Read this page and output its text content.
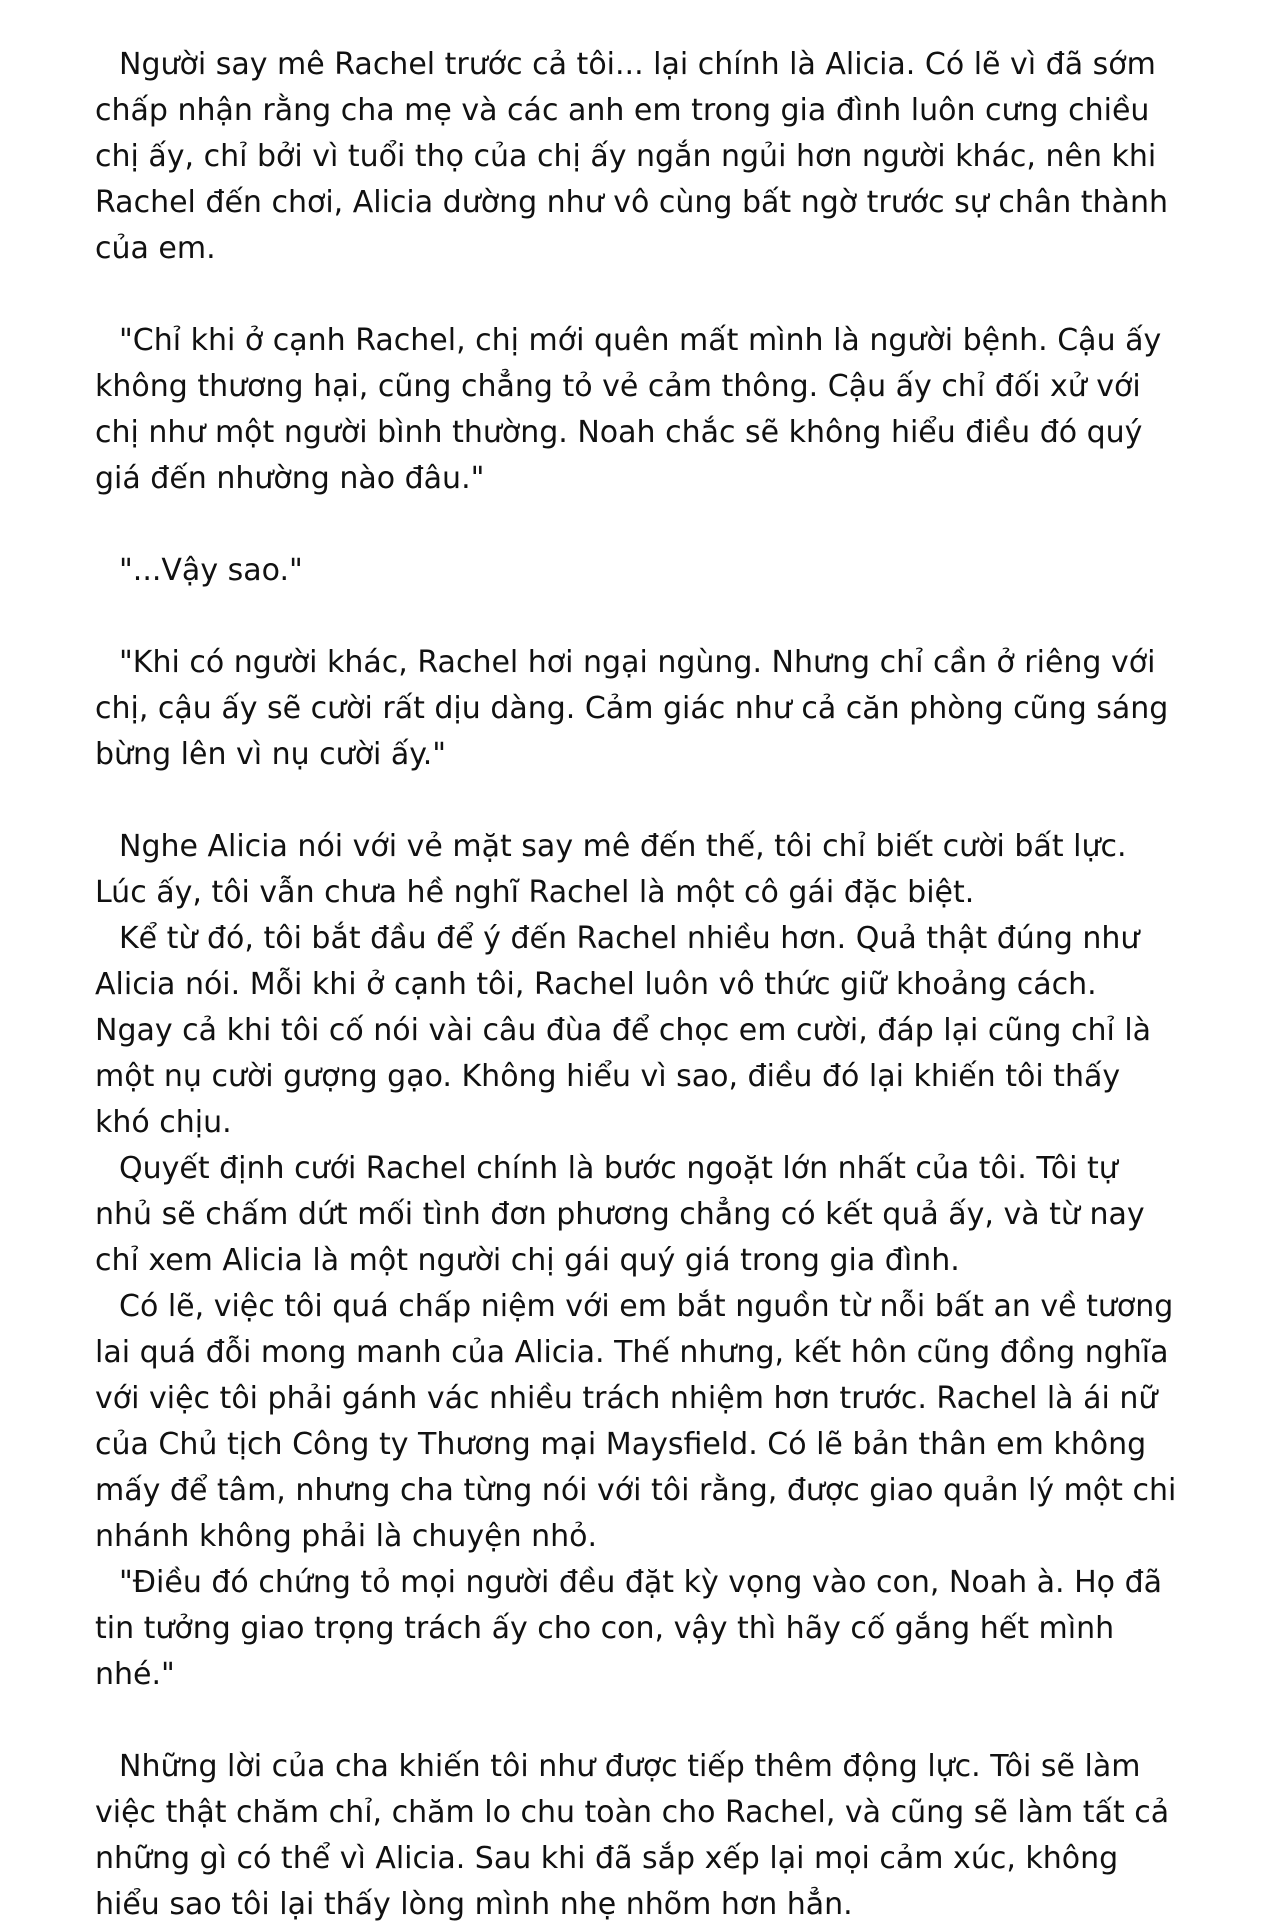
Người say mê Rachel trước cả tôi... lại chính là Alicia. Có lẽ vì đã sớm chấp nhận rằng cha mẹ và các anh em trong gia đình luôn cưng chiều chị ấy, chỉ bởi vì tuổi thọ của chị ấy ngắn ngủi hơn người khác, nên khi Rachel đến chơi, Alicia dường như vô cùng bất ngờ trước sự chân thành của em.

"Chỉ khi ở cạnh Rachel, chị mới quên mất mình là người bệnh. Cậu ấy không thương hại, cũng chẳng tỏ vẻ cảm thông. Cậu ấy chỉ đối xử với chị như một người bình thường. Noah chắc sẽ không hiểu điều đó quý giá đến nhường nào đâu."

"...Vậy sao."

"Khi có người khác, Rachel hơi ngại ngùng. Nhưng chỉ cần ở riêng với chị, cậu ấy sẽ cười rất dịu dàng. Cảm giác như cả căn phòng cũng sáng bừng lên vì nụ cười ấy."

Nghe Alicia nói với vẻ mặt say mê đến thế, tôi chỉ biết cười bất lực. Lúc ấy, tôi vẫn chưa hề nghĩ Rachel là một cô gái đặc biệt.

Kể từ đó, tôi bắt đầu để ý đến Rachel nhiều hơn. Quả thật đúng như Alicia nói. Mỗi khi ở cạnh tôi, Rachel luôn vô thức giữ khoảng cách. Ngay cả khi tôi cố nói vài câu đùa để chọc em cười, đáp lại cũng chỉ là một nụ cười gượng gạo. Không hiểu vì sao, điều đó lại khiến tôi thấy khó chịu.

Quyết định cưới Rachel chính là bước ngoặt lớn nhất của tôi. Tôi tự nhủ sẽ chấm dứt mối tình đơn phương chẳng có kết quả ấy, và từ nay chỉ xem Alicia là một người chị gái quý giá trong gia đình.

Có lẽ, việc tôi quá chấp niệm với em bắt nguồn từ nỗi bất an về tương lai quá đỗi mong manh của Alicia. Thế nhưng, kết hôn cũng đồng nghĩa với việc tôi phải gánh vác nhiều trách nhiệm hơn trước. Rachel là ái nữ của Chủ tịch Công ty Thương mại Maysfield. Có lẽ bản thân em không mấy để tâm, nhưng cha từng nói với tôi rằng, được giao quản lý một chi nhánh không phải là chuyện nhỏ.

"Điều đó chứng tỏ mọi người đều đặt kỳ vọng vào con, Noah à. Họ đã tin tưởng giao trọng trách ấy cho con, vậy thì hãy cố gắng hết mình nhé."

Những lời của cha khiến tôi như được tiếp thêm động lực. Tôi sẽ làm việc thật chăm chỉ, chăm lo chu toàn cho Rachel, và cũng sẽ làm tất cả những gì có thể vì Alicia. Sau khi đã sắp xếp lại mọi cảm xúc, không hiểu sao tôi lại thấy lòng mình nhẹ nhõm hơn hẳn.
